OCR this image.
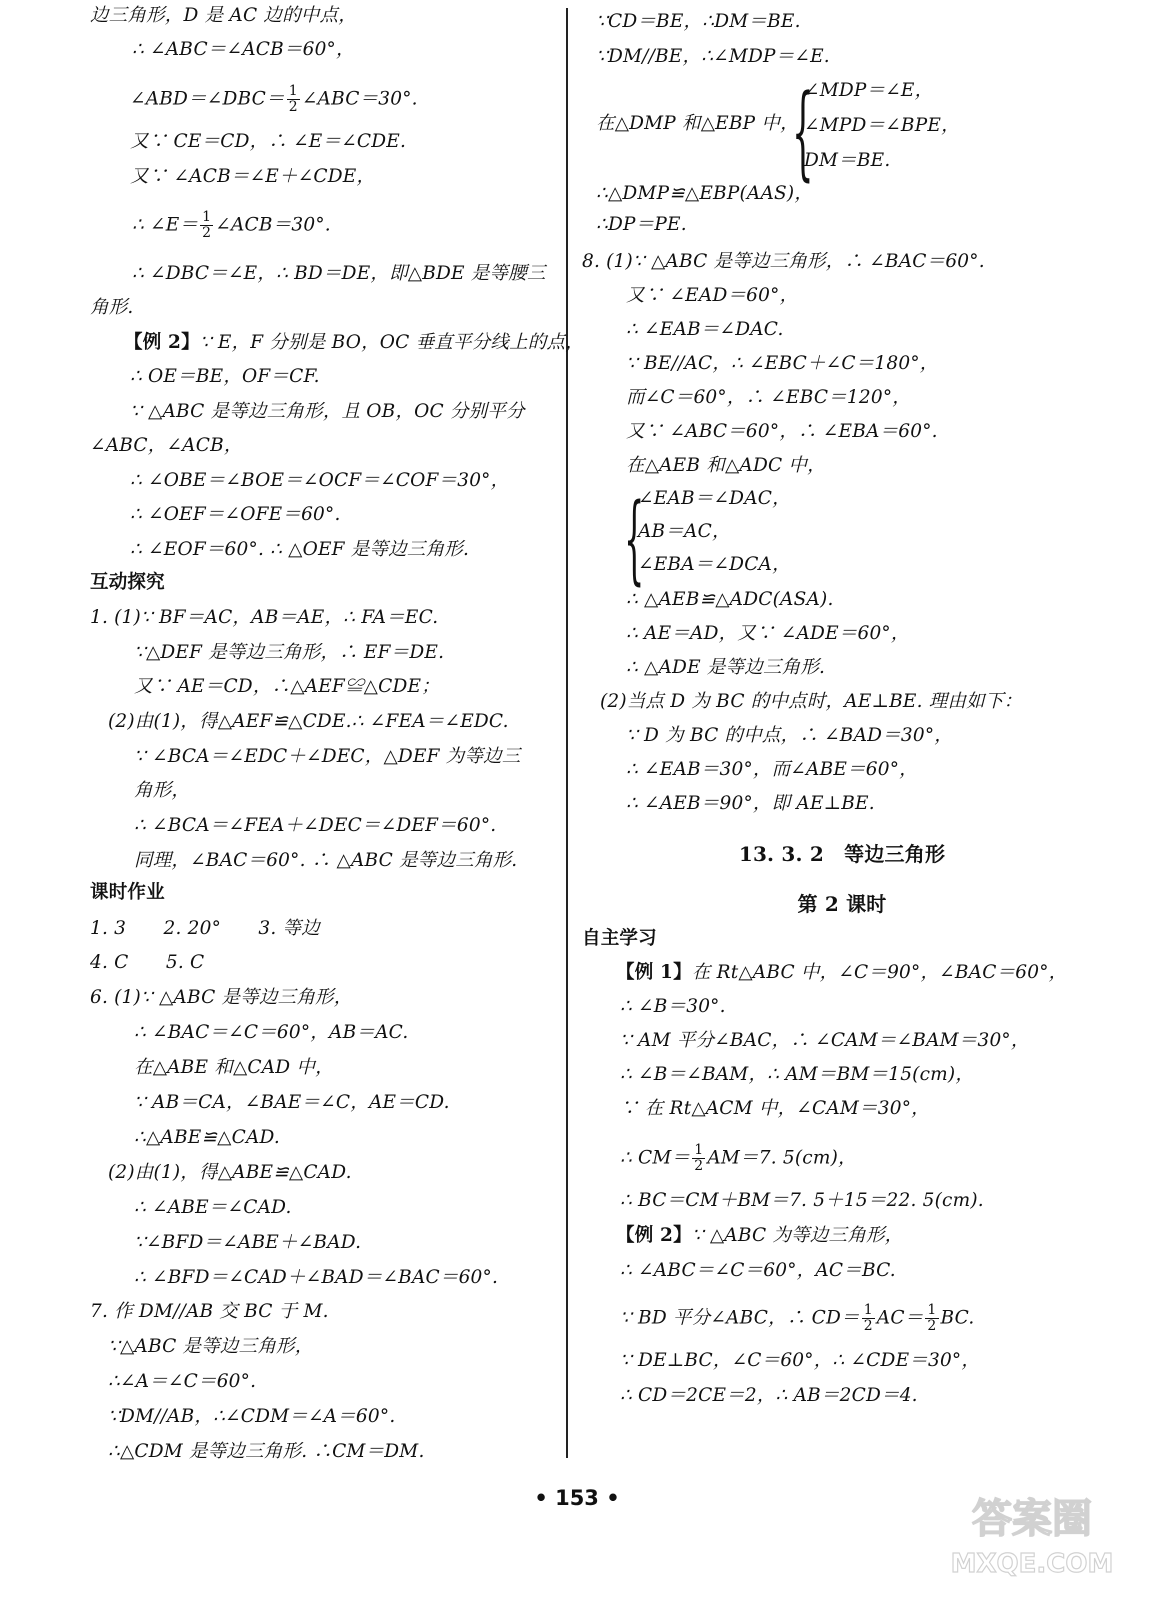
边三角形，D 是 AC 边的中点，
∴ ∠ABC＝∠ACB＝60°，
∠ABD＝∠DBC＝ $\frac{1}{2}$ ∠ABC＝30°.
又∵ CE＝CD，∴ ∠E＝∠CDE.
又∵ ∠ACB＝∠E＋∠CDE，
∴ ∠E＝ $\frac{1}{2}$ ∠ACB＝30°.
∴ ∠DBC＝∠E，∴ BD＝DE，即△BDE 是等腰三
角形.
【例 2】∵ E，F 分别是 BO，OC 垂直平分线上的点，
∴ OE＝BE，OF＝CF.
∵ △ABC 是等边三角形，且 OB，OC 分别平分
∠ABC，∠ACB，
∴ ∠OBE＝∠BOE＝∠OCF＝∠COF＝30°，
∴ ∠OEF＝∠OFE＝60°.
∴ ∠EOF＝60°. ∴ △OEF 是等边三角形.
互动探究
1. (1)∵ BF＝AC，AB＝AE，∴ FA＝EC.
∵△DEF 是等边三角形，∴ EF＝DE.
又∵ AE＝CD，∴△AEF≌△CDE；
(2)由(1)，得△AEF≌△CDE.∴ ∠FEA＝∠EDC.
∵ ∠BCA＝∠EDC＋∠DEC，△DEF 为等边三
角形，
∴ ∠BCA＝∠FEA＋∠DEC＝∠DEF＝60°.
同理，∠BAC＝60°. ∴ △ABC 是等边三角形.
课时作业
1. 3　　2. 20°　　3. 等边
4. C　　5. C
6. (1)∵ △ABC 是等边三角形，
∴ ∠BAC＝∠C＝60°，AB＝AC.
在△ABE 和△CAD 中，
∵ AB＝CA，∠BAE＝∠C，AE＝CD.
∴△ABE≌△CAD.
(2)由(1)，得△ABE≌△CAD.
∴ ∠ABE＝∠CAD.
∵∠BFD＝∠ABE＋∠BAD.
∴ ∠BFD＝∠CAD＋∠BAD＝∠BAC＝60°.
7. 作 DM//AB 交 BC 于 M.
∵△ABC 是等边三角形，
∴∠A＝∠C＝60°.
∵DM//AB，∴∠CDM＝∠A＝60°.
∴△CDM 是等边三角形. ∴CM＝DM.
∵CD＝BE，∴DM＝BE.
∵DM//BE，∴∠MDP＝∠E.
在△DMP 和△EBP 中，
{
∠MDP＝∠E，
∠MPD＝∠BPE，
DM＝BE.
∴△DMP≌△EBP(AAS)，
∴DP＝PE.
8. (1)∵ △ABC 是等边三角形，∴ ∠BAC＝60°.
又∵ ∠EAD＝60°，
∴ ∠EAB＝∠DAC.
∵ BE//AC，∴ ∠EBC＋∠C＝180°，
而∠C＝60°，∴ ∠EBC＝120°，
又∵ ∠ABC＝60°，∴ ∠EBA＝60°.
在△AEB 和△ADC 中，
{
∠EAB＝∠DAC，
AB＝AC，
∠EBA＝∠DCA，
∴ △AEB≌△ADC(ASA).
∴ AE＝AD，又∵ ∠ADE＝60°，
∴ △ADE 是等边三角形.
(2)当点 D 为 BC 的中点时，AE⊥BE. 理由如下：
∵ D 为 BC 的中点，∴ ∠BAD＝30°，
∴ ∠EAB＝30°，而∠ABE＝60°，
∴ ∠AEB＝90°，即 AE⊥BE.
13. 3. 2　等边三角形
第 2 课时
自主学习
【例 1】在 Rt△ABC 中，∠C＝90°，∠BAC＝60°，
∴ ∠B＝30°.
∵ AM 平分∠BAC，∴ ∠CAM＝∠BAM＝30°，
∴ ∠B＝∠BAM，∴ AM＝BM＝15(cm)，
∵ 在 Rt△ACM 中，∠CAM＝30°，
∴ $CM= \frac{1}{2} AM=7$. 5(cm)，
∴ BC＝CM＋BM＝7. 5＋15＝22. 5(cm).
【例 2】∵ △ABC 为等边三角形，
∴ ∠ABC＝∠C＝60°，AC＝BC.
∵ BD 平分∠ABC，∴ $CD= \frac{1}{2} AC= \frac{1}{2}$ BC.
∵ DE⊥BC，∠C＝60°，∴ ∠CDE＝30°，
∴ CD＝2CE＝2，∴ AB＝2CD＝4.
• 153 •	答案圈
MXQE.COM
